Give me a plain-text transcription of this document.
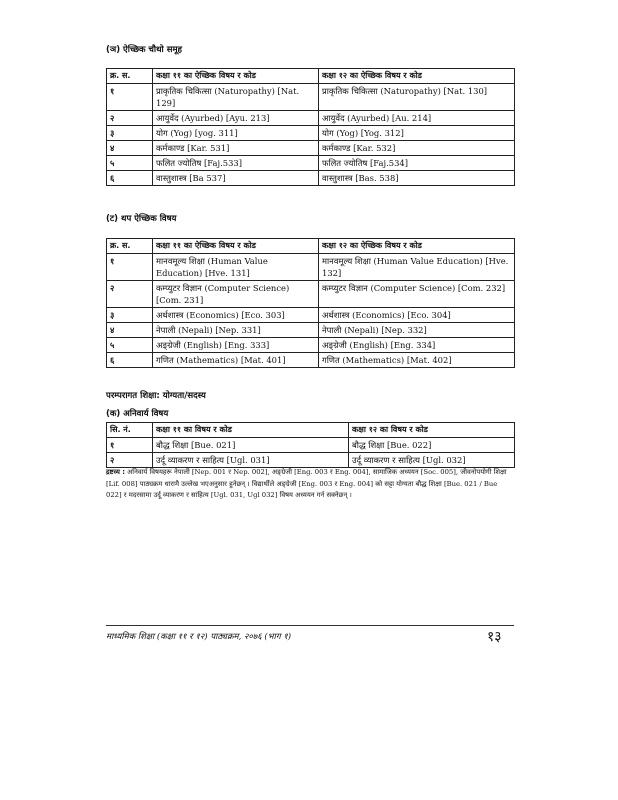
(ञ) ऐच्छिक चौथो समूह
क्र. स.	कक्षा ११ का ऐच्छिक विषय र कोड	कक्षा १२ का ऐच्छिक विषय र कोड
१	प्राकृतिक चिकित्सा (Naturopathy) [Nat. 129]	प्राकृतिक चिकित्सा (Naturopathy) [Nat. 130]
२	आयुर्वेद (Ayurbed) [Ayu. 213]	आयुर्वेद (Ayurbed) [Au. 214]
३	योग (Yog) [yog. 311]	योग (Yog) [Yog. 312]
४	कर्मकाण्ड [Kar. 531]	कर्मकाण्ड [Kar. 532]
५	फलित ज्योतिष [Faj.533]	फलित ज्योतिष [Faj.534]
६	वास्तुशास्त्र [Ba 537]	वास्तुशास्त्र [Bas. 538]
(ट) थप ऐच्छिक विषय
क्र. स.	कक्षा ११ का ऐच्छिक विषय र कोड	कक्षा १२ का ऐच्छिक विषय र कोड
१	मानवमूल्य शिक्षा (Human Value Education) [Hve. 131]	मानवमूल्य शिक्षा (Human Value Education) [Hve. 132]
२	कम्प्युटर विज्ञान (Computer Science) [Com. 231]	कम्प्युटर विज्ञान (Computer Science) [Com. 232]
३	अर्थशास्त्र (Economics) [Eco. 303]	अर्थशास्त्र (Economics) [Eco. 304]
४	नेपाली (Nepali) [Nep. 331]	नेपाली (Nepali) [Nep. 332]
५	अङ्ग्रेजी (English) [Eng. 333]	अङ्ग्रेजी (English) [Eng. 334]
६	गणित (Mathematics) [Mat. 401]	गणित (Mathematics) [Mat. 402]
परम्परागत शिक्षा: योग्यता/सदस्य
(क) अनिवार्य विषय
सि. नं.	कक्षा ११ का विषय र कोड	कक्षा १२ का विषय र कोड
१	बौद्ध शिक्षा [Bue. 021]	बौद्ध शिक्षा [Bue. 022]
२	उर्दू व्याकरण र साहित्य [Ugl. 031]	उर्दू व्याकरण र साहित्य [Ugl. 032]
द्रष्टव्य : अनिवार्य विषयहरू नेपाली [Nep. 001 र Nep. 002], अङ्ग्रेजी [Eng. 003 र Eng. 004], सामाजिक अध्ययन [Soc. 005], जीवनोपयोगी शिक्षा [Lif. 008] पाठ्यक्रम धारामै उल्लेख भएअनुसार हुनेछन् । विद्यार्थीले अङ्ग्रेजी [Eng. 003 र Eng. 004] को सट्टा योग्यता बौद्ध शिक्षा [Bue. 021 / Bue 022] र मदरसामा उर्दू व्याकरण र साहित्य [Ugl. 031, Ugl 032] विषय अध्ययन गर्न सक्नेछन् ।
माध्यमिक शिक्षा (कक्षा ११ र १२) पाठ्यक्रम, २०७६ (भाग १)	१३
